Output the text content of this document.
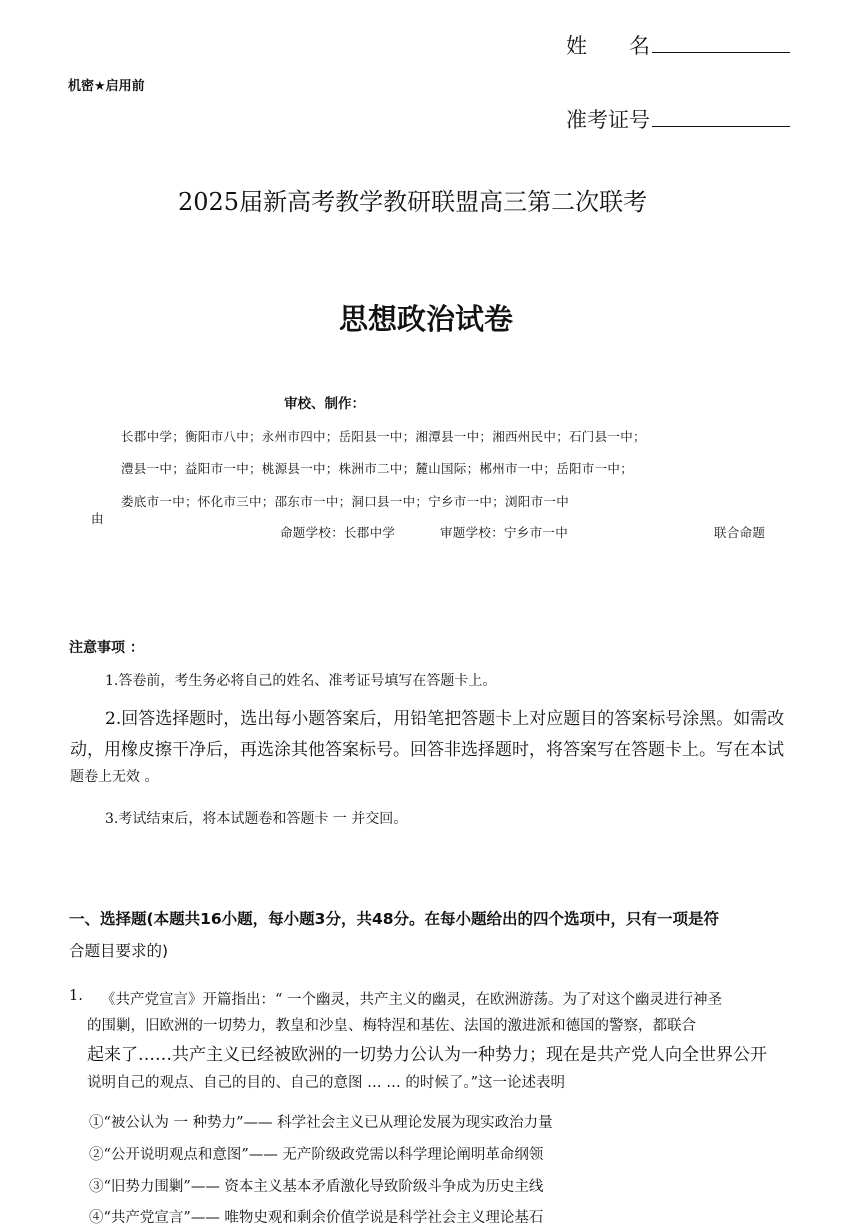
姓　　名
机密★启用前
准考证号
2025届新高考教学教研联盟高三第二次联考
思想政治试卷
审校、制作：
长郡中学；衡阳市八中；永州市四中；岳阳县一中；湘潭县一中；湘西州民中；石门县一中；
澧县一中；益阳市一中；桃源县一中；株洲市二中；麓山国际；郴州市一中；岳阳市一中；
娄底市一中；怀化市三中；邵东市一中；洞口县一中；宁乡市一中；浏阳市一中
由
命题学校：长郡中学	审题学校：宁乡市一中	联合命题
注意事项 ：
1.答卷前，考生务必将自己的姓名、准考证号填写在答题卡上。
2.回答选择题时，选出每小题答案后，用铅笔把答题卡上对应题目的答案标号涂黑。如需改
动，用橡皮擦干净后，再选涂其他答案标号。回答非选择题时，将答案写在答题卡上。写在本试
题卷上无效 。
3.考试结束后，将本试题卷和答题卡 一 并交回。
一、选择题(本题共16小题，每小题3分，共48分。在每小题给出的四个选项中，只有一项是符
合题目要求的)
1. 《共产党宣言》开篇指出：“ 一个幽灵，共产主义的幽灵，在欧洲游荡。为了对这个幽灵进行神圣
的围剿，旧欧洲的一切势力，教皇和沙皇、梅特涅和基佐、法国的激进派和德国的警察，都联合
起来了……共产主义已经被欧洲的一切势力公认为一种势力；现在是共产党人向全世界公开
说明自己的观点、自己的目的、自己的意图 … … 的时候了。”这一论述表明
①“被公认为 一 种势力”—— 科学社会主义已从理论发展为现实政治力量
②“公开说明观点和意图”—— 无产阶级政党需以科学理论阐明革命纲领
③“旧势力围剿”—— 资本主义基本矛盾激化导致阶级斗争成为历史主线
④“共产党宣言”—— 唯物史观和剩余价值学说是科学社会主义理论基石
